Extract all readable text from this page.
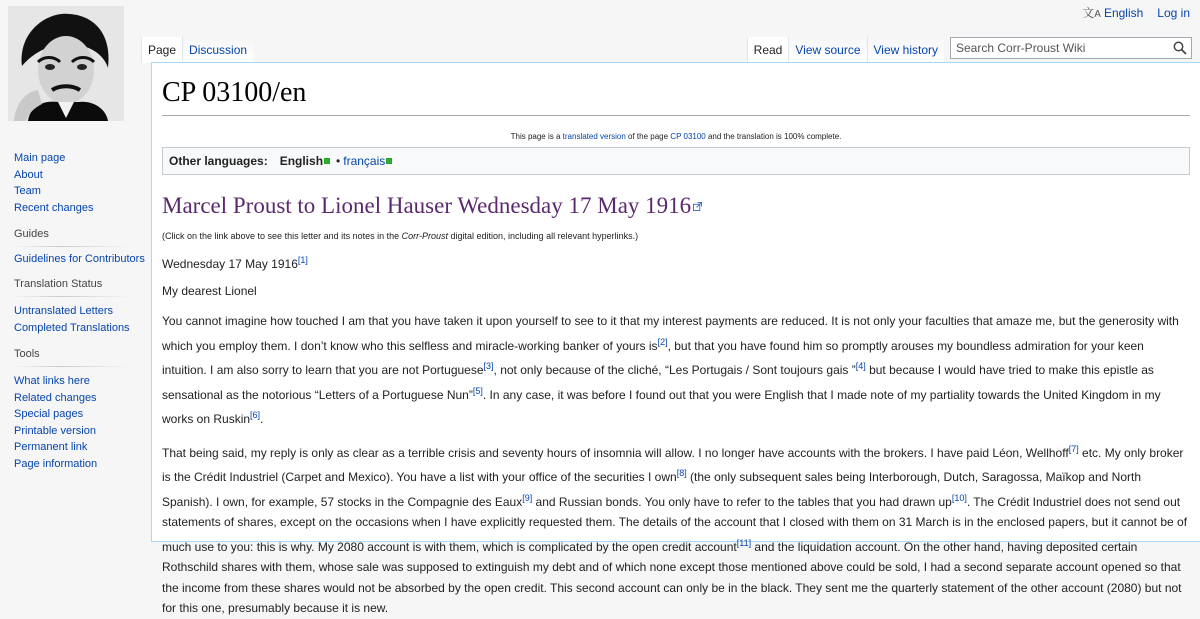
文A English Log in
Main page
About
Team
Recent changes
Guides
Guidelines for Contributors
Translation Status
Untranslated Letters
Completed Translations
Tools
What links here
Related changes
Special pages
Printable version
Permanent link
Page information
Page	Discussion	Read	View source	View history
Search Corr-Proust Wiki
CP 03100/en
This page is a translated version of the page CP 03100 and the translation is 100% complete.
Other languages: English • français
Marcel Proust to Lionel Hauser Wednesday 17 May 1916

(Click on the link above to see this letter and its notes in the Corr-Proust digital edition, including all relevant hyperlinks.)

Wednesday 17 May 1916[1]

My dearest Lionel

You cannot imagine how touched I am that you have taken it upon yourself to see to it that my interest payments are reduced. It is not only your faculties that amaze me, but the generosity with which you employ them. I don’t know who this selfless and miracle-working banker of yours is[2], but that you have found him so promptly arouses my boundless admiration for your keen intuition. I am also sorry to learn that you are not Portuguese[3], not only because of the cliché, “Les Portugais / Sont toujours gais ”[4] but because I would have tried to make this epistle as sensational as the notorious “Letters of a Portuguese Nun”[5]. In any case, it was before I found out that you were English that I made note of my partiality towards the United Kingdom in my works on Ruskin[6].

That being said, my reply is only as clear as a terrible crisis and seventy hours of insomnia will allow. I no longer have accounts with the brokers. I have paid Léon, Wellhoff[7] etc. My only broker is the Crédit Industriel (Carpet and Mexico). You have a list with your office of the securities I own[8] (the only subsequent sales being Interborough, Dutch, Saragossa, Maïkop and North Spanish). I own, for example, 57 stocks in the Compagnie des Eaux[9] and Russian bonds. You only have to refer to the tables that you had drawn up[10]. The Crédit Industriel does not send out statements of shares, except on the occasions when I have explicitly requested them. The details of the account that I closed with them on 31 March is in the enclosed papers, but it cannot be of much use to you: this is why. My 2080 account is with them, which is complicated by the open credit account[11] and the liquidation account. On the other hand, having deposited certain Rothschild shares with them, whose sale was supposed to extinguish my debt and of which none except those mentioned above could be sold, I had a second separate account opened so that the income from these shares would not be absorbed by the open credit. This second account can only be in the black. They sent me the quarterly statement of the other account (2080) but not for this one, presumably because it is new.
